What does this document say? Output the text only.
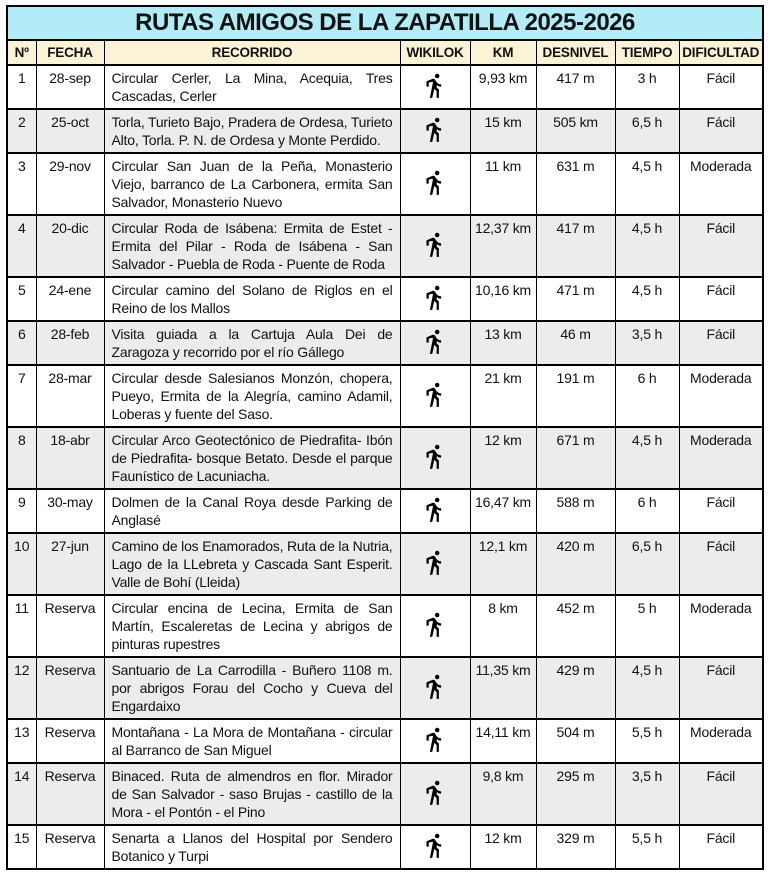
RUTAS AMIGOS DE LA ZAPATILLA 2025-2026							
Nº	FECHA	RECORRIDO	WIKILOK	KM	DESNIVEL	TIEMPO	DIFICULTAD
1	28-sep	Circular Cerler, La Mina, Acequia, Tres Cascadas, Cerler		9,93 km	417 m	3 h	Fácil
2	25-oct	Torla, Turieto Bajo, Pradera de Ordesa, Turieto Alto, Torla. P. N. de Ordesa y Monte Perdido.		15 km	505 km	6,5 h	Fácil
3	29-nov	Circular San Juan de la Peña, Monasterio Viejo, barranco de La Carbonera, ermita San Salvador, Monasterio Nuevo		11 km	631 m	4,5 h	Moderada
4	20-dic	Circular Roda de Isábena: Ermita de Estet - Ermita del Pilar - Roda de Isábena - San Salvador - Puebla de Roda - Puente de Roda		12,37 km	417 m	4,5 h	Fácil
5	24-ene	Circular camino del Solano de Riglos en el Reino de los Mallos		10,16 km	471 m	4,5 h	Fácil
6	28-feb	Visita guiada a la Cartuja Aula Dei de Zaragoza y recorrido por el río Gállego		13 km	46 m	3,5 h	Fácil
7	28-mar	Circular desde Salesianos Monzón, chopera, Pueyo, Ermita de la Alegría, camino Adamil, Loberas y fuente del Saso.		21 km	191 m	6 h	Moderada
8	18-abr	Circular Arco Geotectónico de Piedrafita- Ibón de Piedrafita- bosque Betato. Desde el parque Faunístico de Lacuniacha.		12 km	671 m	4,5 h	Moderada
9	30-may	Dolmen de la Canal Roya desde Parking de Anglasé		16,47 km	588 m	6 h	Fácil
10	27-jun	Camino de los Enamorados, Ruta de la Nutria, Lago de la LLebreta y Cascada Sant Esperit. Valle de Bohí (Lleida)		12,1 km	420 m	6,5 h	Fácil
11	Reserva	Circular encina de Lecina, Ermita de San Martín, Escaleretas de Lecina y abrigos de pinturas rupestres		8 km	452 m	5 h	Moderada
12	Reserva	Santuario de La Carrodilla - Buñero 1108 m. por abrigos Forau del Cocho y Cueva del Engardaixo		11,35 km	429 m	4,5 h	Fácil
13	Reserva	Montañana - La Mora de Montañana - circular al Barranco de San Miguel		14,11 km	504 m	5,5 h	Moderada
14	Reserva	Binaced. Ruta de almendros en flor. Mirador de San Salvador - saso Brujas - castillo de la Mora - el Pontón - el Pino		9,8 km	295 m	3,5 h	Fácil
15	Reserva	Senarta a Llanos del Hospital por Sendero Botanico y Turpi		12 km	329 m	5,5 h	Fácil
